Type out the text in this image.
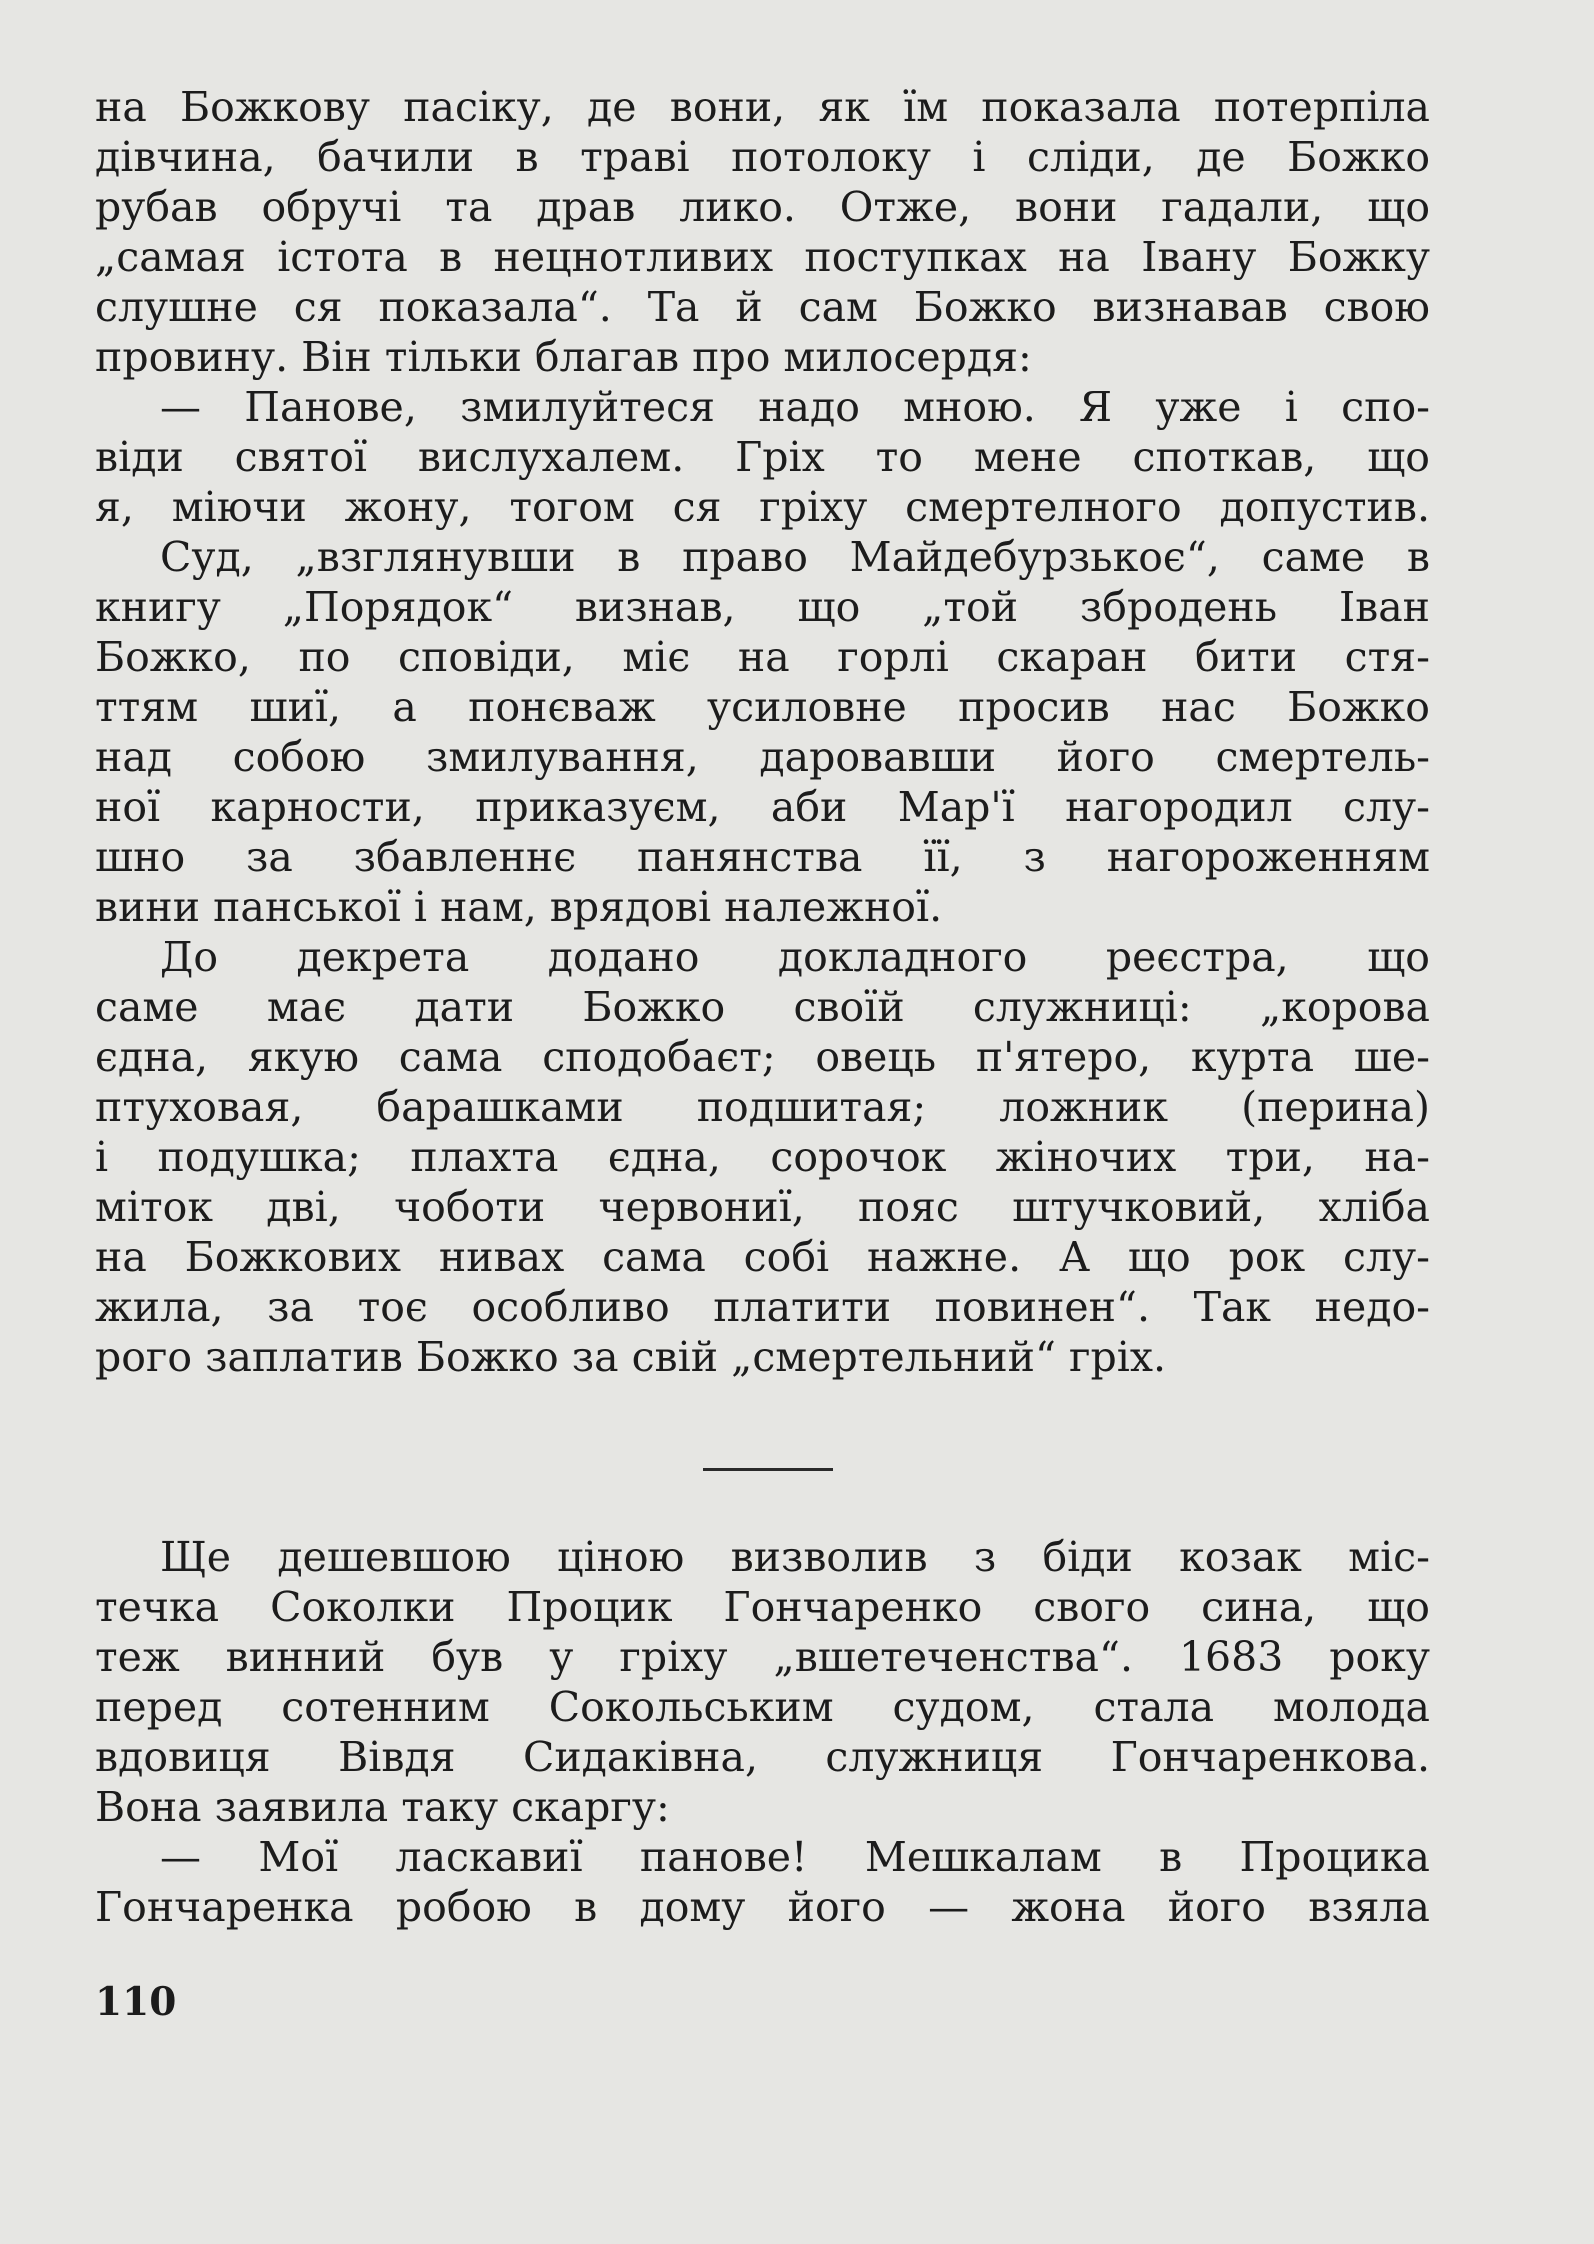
на Божкову пасіку, де вони, як їм показала потерпіла
дівчина, бачили в траві потолоку і сліди, де Божко
рубав обручі та драв лико. Отже, вони гадали, що
„самая істота в нецнотливих поступках на Івану Божку
слушне ся показала“. Та й сам Божко визнавав свою
провину. Він тільки благав про милосердя:
— Панове, змилуйтеся надо мною. Я уже і спо-
віди святої вислухалем. Гріх то мене споткав, що
я, міючи жону, тогом ся гріху смертелного допустив.
Суд, „взглянувши в право Майдебурзькоє“, саме в
книгу „Порядок“ визнав, що „той збродень Іван
Божко, по сповіди, міє на горлі скаран бити стя-
ттям шиї, а понєваж усиловне просив нас Божко
над собою змилування, даровавши його смертель-
ної карности, приказуєм, аби Мар'ї нагородил слу-
шно за збавленнє панянства її, з нагороженням
вини панської і нам, врядові належної.
До декрета додано докладного реєстра, що
саме має дати Божко своїй служниці: „корова
єдна, якую сама сподобаєт; овець п'ятеро, курта ше-
птуховая, барашками подшитая; ложник (перина)
і подушка; плахта єдна, сорочок жіночих три, на-
міток дві, чоботи червониї, пояс штучковий, хліба
на Божкових нивах сама собі нажне. А що рок слу-
жила, за тоє особливо платити повинен“. Так недо-
рого заплатив Божко за свій „смертельний“ гріх.
Ще дешевшою ціною визволив з біди козак міс-
течка Соколки Процик Гончаренко свого сина, що
теж винний був у гріху „вшетеченства“. 1683 року
перед сотенним Сокольським судом, стала молода
вдовиця Вівдя Сидаківна, служниця Гончаренкова.
Вона заявила таку скаргу:
— Мої ласкавиї панове! Мешкалам в Процика
Гончаренка робою в дому його — жона його взяла
110
